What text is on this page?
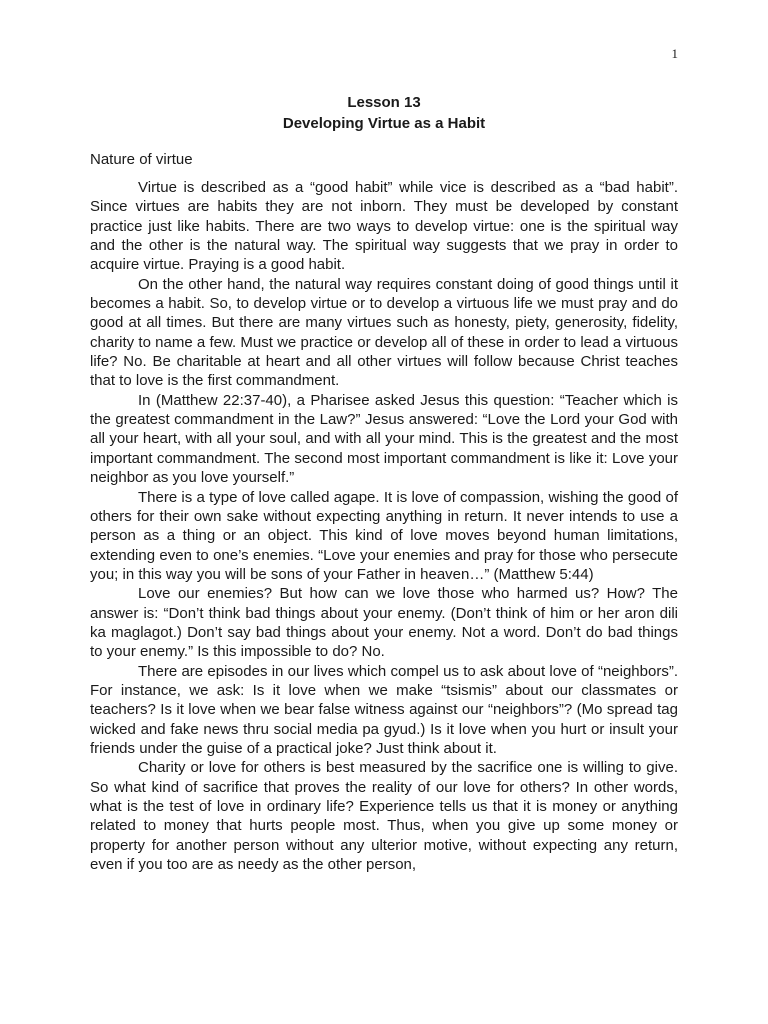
1

Lesson 13

Developing Virtue as a Habit

Nature of virtue

Virtue is described as a “good habit” while vice is described as a “bad habit”. Since virtues are habits they are not inborn. They must be developed by constant practice just like habits. There are two ways to develop virtue: one is the spiritual way and the other is the natural way. The spiritual way suggests that we pray in order to acquire virtue. Praying is a good habit.

On the other hand, the natural way requires constant doing of good things until it becomes a habit. So, to develop virtue or to develop a virtuous life we must pray and do good at all times. But there are many virtues such as honesty, piety, generosity, fidelity, charity to name a few. Must we practice or develop all of these in order to lead a virtuous life? No. Be charitable at heart and all other virtues will follow because Christ teaches that to love is the first commandment.

In (Matthew 22:37-40), a Pharisee asked Jesus this question: “Teacher which is the greatest commandment in the Law?” Jesus answered: “Love the Lord your God with all your heart, with all your soul, and with all your mind. This is the greatest and the most important commandment. The second most important commandment is like it: Love your neighbor as you love yourself.”

There is a type of love called agape. It is love of compassion, wishing the good of others for their own sake without expecting anything in return. It never intends to use a person as a thing or an object. This kind of love moves beyond human limitations, extending even to one’s enemies. “Love your enemies and pray for those who persecute you; in this way you will be sons of your Father in heaven…” (Matthew 5:44)

Love our enemies? But how can we love those who harmed us? How? The answer is: “Don’t think bad things about your enemy. (Don’t think of him or her aron dili ka maglagot.) Don’t say bad things about your enemy. Not a word. Don’t do bad things to your enemy.” Is this impossible to do? No.

There are episodes in our lives which compel us to ask about love of “neighbors”. For instance, we ask: Is it love when we make “tsismis” about our classmates or teachers? Is it love when we bear false witness against our “neighbors”? (Mo spread tag wicked and fake news thru social media pa gyud.) Is it love when you hurt or insult your friends under the guise of a practical joke? Just think about it.

Charity or love for others is best measured by the sacrifice one is willing to give. So what kind of sacrifice that proves the reality of our love for others? In other words, what is the test of love in ordinary life? Experience tells us that it is money or anything related to money that hurts people most. Thus, when you give up some money or property for another person without any ulterior motive, without expecting any return, even if you too are as needy as the other person,
